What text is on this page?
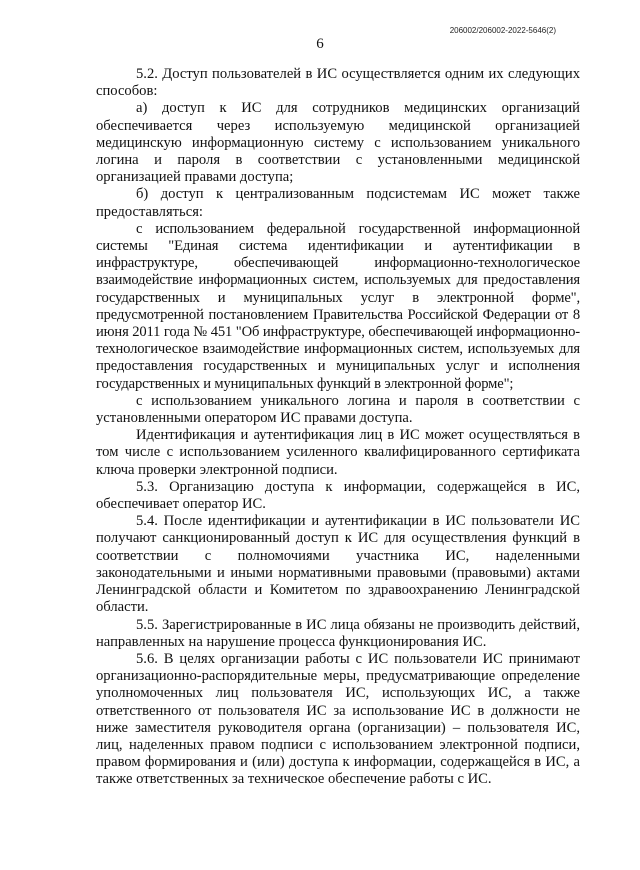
206002/206002-2022-5646(2)
6

5.2. Доступ пользователей в ИС осуществляется одним их следующих способов:

а) доступ к ИС для сотрудников медицинских организаций обеспечивается через используемую медицинской организацией медицинскую информационную систему с использованием уникального логина и пароля в соответствии с установленными медицинской организацией правами доступа;

б) доступ к централизованным подсистемам ИС может также предоставляться:

с использованием федеральной государственной информационной системы "Единая система идентификации и аутентификации в инфраструктуре, обеспечивающей информационно-технологическое взаимодействие информационных систем, используемых для предоставления государственных и муниципальных услуг в электронной форме", предусмотренной постановлением Правительства Российской Федерации от 8 июня 2011 года № 451 "Об инфраструктуре, обеспечивающей информационно-технологическое взаимодействие информационных систем, используемых для предоставления государственных и муниципальных услуг и исполнения государственных и муниципальных функций в электронной форме";

с использованием уникального логина и пароля в соответствии с установленными оператором ИС правами доступа.

Идентификация и аутентификация лиц в ИС может осуществляться в том числе с использованием усиленного квалифицированного сертификата ключа проверки электронной подписи.

5.3. Организацию доступа к информации, содержащейся в ИС, обеспечивает оператор ИС.

5.4. После идентификации и аутентификации в ИС пользователи ИС получают санкционированный доступ к ИС для осуществления функций в соответствии с полномочиями участника ИС, наделенными законодательными и иными нормативными правовыми (правовыми) актами Ленинградской области и Комитетом по здравоохранению Ленинградской области.

5.5. Зарегистрированные в ИС лица обязаны не производить действий, направленных на нарушение процесса функционирования ИС.

5.6. В целях организации работы с ИС пользователи ИС принимают организационно-распорядительные меры, предусматривающие определение уполномоченных лиц пользователя ИС, использующих ИС, а также ответственного от пользователя ИС за использование ИС в должности не ниже заместителя руководителя органа (организации) – пользователя ИС, лиц, наделенных правом подписи с использованием электронной подписи, правом формирования и (или) доступа к информации, содержащейся в ИС, а также ответственных за техническое обеспечение работы с ИС.
